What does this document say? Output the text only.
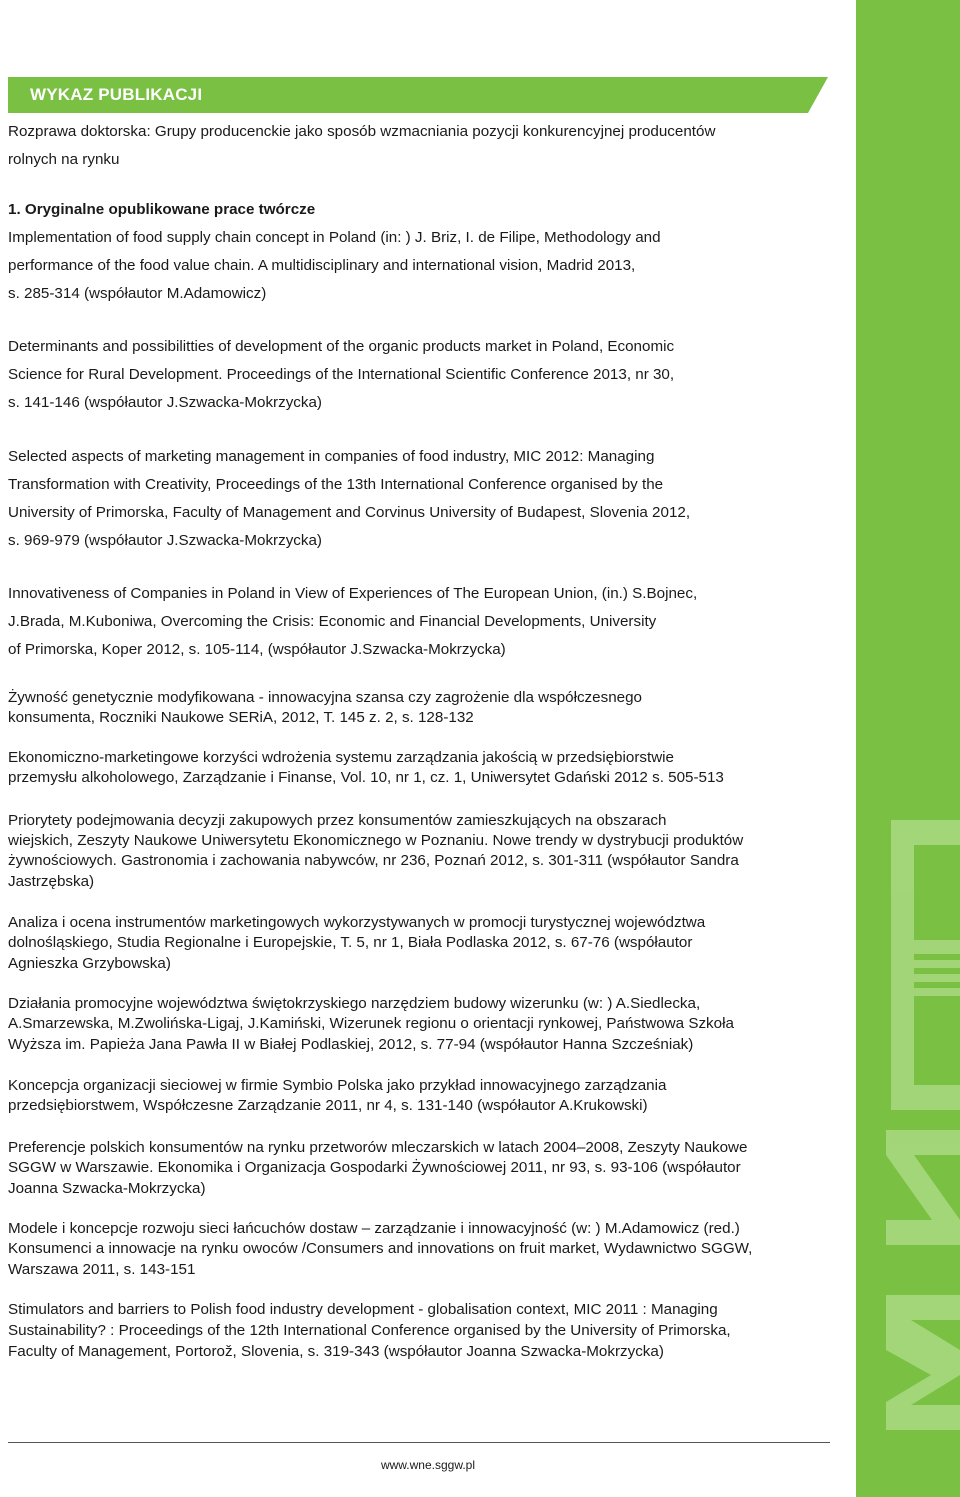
WYKAZ PUBLIKACJI
Rozprawa doktorska: Grupy producenckie jako sposób wzmacniania pozycji konkurencyjnej producentów
rolnych na rynku
1. Oryginalne opublikowane prace twórcze
Implementation of food supply chain concept in Poland (in: ) J. Briz, I. de Filipe, Methodology and
performance of the food value chain. A multidisciplinary and international vision, Madrid 2013,
s. 285-314 (współautor M.Adamowicz)
Determinants and possibilitties of development of the organic products market in Poland, Economic
Science for Rural Development. Proceedings of the International Scientific Conference 2013, nr 30,
s. 141-146 (współautor J.Szwacka-Mokrzycka)
Selected aspects of marketing management in companies of food industry, MIC 2012: Managing
Transformation with Creativity, Proceedings of the 13th International Conference organised by the
University of Primorska, Faculty of Management and Corvinus University of Budapest, Slovenia 2012,
s. 969-979 (współautor J.Szwacka-Mokrzycka)
Innovativeness of Companies in Poland in View of Experiences of The European Union, (in.) S.Bojnec,
J.Brada, M.Kuboniwa, Overcoming the Crisis: Economic and Financial Developments, University
of Primorska, Koper 2012, s. 105-114, (współautor J.Szwacka-Mokrzycka)
Żywność genetycznie modyfikowana - innowacyjna szansa czy zagrożenie dla współczesnego
konsumenta, Roczniki Naukowe SERiA, 2012, T. 145 z. 2, s. 128-132
Ekonomiczno-marketingowe korzyści wdrożenia systemu zarządzania jakością w przedsiębiorstwie
przemysłu alkoholowego, Zarządzanie i Finanse, Vol. 10, nr 1, cz. 1, Uniwersytet Gdański 2012 s. 505-513
Priorytety podejmowania decyzji zakupowych przez konsumentów zamieszkujących na obszarach
wiejskich, Zeszyty Naukowe Uniwersytetu Ekonomicznego w Poznaniu. Nowe trendy w dystrybucji produktów
żywnościowych. Gastronomia i zachowania nabywców, nr 236, Poznań 2012, s. 301-311 (współautor Sandra
Jastrzębska)
Analiza i ocena instrumentów marketingowych wykorzystywanych w promocji turystycznej województwa
dolnośląskiego, Studia Regionalne i Europejskie, T. 5, nr 1, Biała Podlaska 2012, s. 67-76 (współautor
Agnieszka Grzybowska)
Działania promocyjne województwa świętokrzyskiego narzędziem budowy wizerunku (w: ) A.Siedlecka,
A.Smarzewska, M.Zwolińska-Ligaj, J.Kamiński, Wizerunek regionu o orientacji rynkowej, Państwowa Szkoła
Wyższa im. Papieża Jana Pawła II w Białej Podlaskiej, 2012, s. 77-94 (współautor Hanna Szcześniak)
Koncepcja organizacji sieciowej w firmie Symbio Polska jako przykład innowacyjnego zarządzania
przedsiębiorstwem, Współczesne Zarządzanie 2011, nr 4, s. 131-140 (współautor A.Krukowski)
Preferencje polskich konsumentów na rynku przetworów mleczarskich w latach 2004–2008, Zeszyty Naukowe
SGGW w Warszawie. Ekonomika i Organizacja Gospodarki Żywnościowej 2011, nr 93, s. 93-106 (współautor
Joanna Szwacka-Mokrzycka)
Modele i koncepcje rozwoju sieci łańcuchów dostaw – zarządzanie i innowacyjność (w: ) M.Adamowicz (red.)
Konsumenci a innowacje na rynku owoców /Consumers and innovations on fruit market, Wydawnictwo SGGW,
Warszawa 2011, s. 143-151
Stimulators and barriers to Polish food industry development - globalisation context, MIC 2011 : Managing
Sustainability? : Proceedings of the 12th International Conference organised by the University of Primorska,
Faculty of Management, Portorož, Slovenia, s. 319-343 (współautor Joanna Szwacka-Mokrzycka)
www.wne.sggw.pl
